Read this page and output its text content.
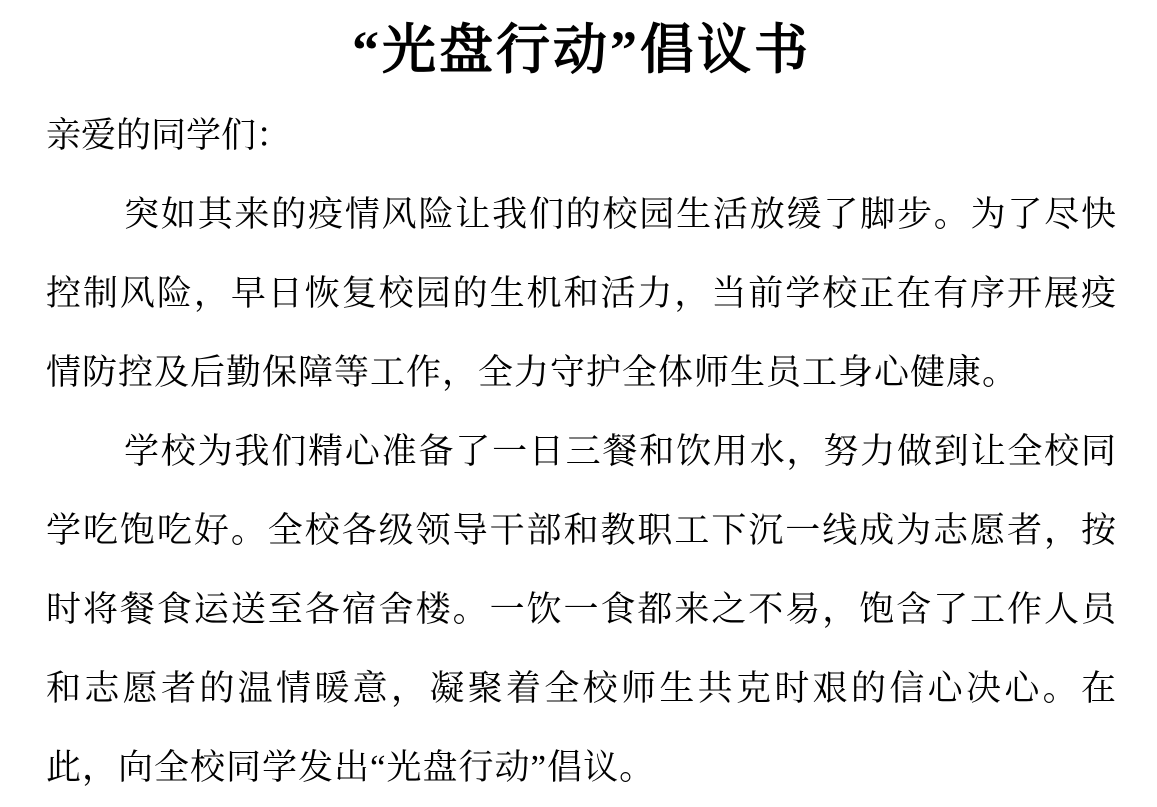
“光盘行动”倡议书
亲爱的同学们：

突如其来的疫情风险让我们的校园生活放缓了脚步。为了尽快控制风险，早日恢复校园的生机和活力，当前学校正在有序开展疫情防控及后勤保障等工作，全力守护全体师生员工身心健康。

学校为我们精心准备了一日三餐和饮用水，努力做到让全校同学吃饱吃好。全校各级领导干部和教职工下沉一线成为志愿者，按时将餐食运送至各宿舍楼。一饮一食都来之不易，饱含了工作人员和志愿者的温情暖意，凝聚着全校师生共克时艰的信心决心。在此，向全校同学发出“光盘行动”倡议。
